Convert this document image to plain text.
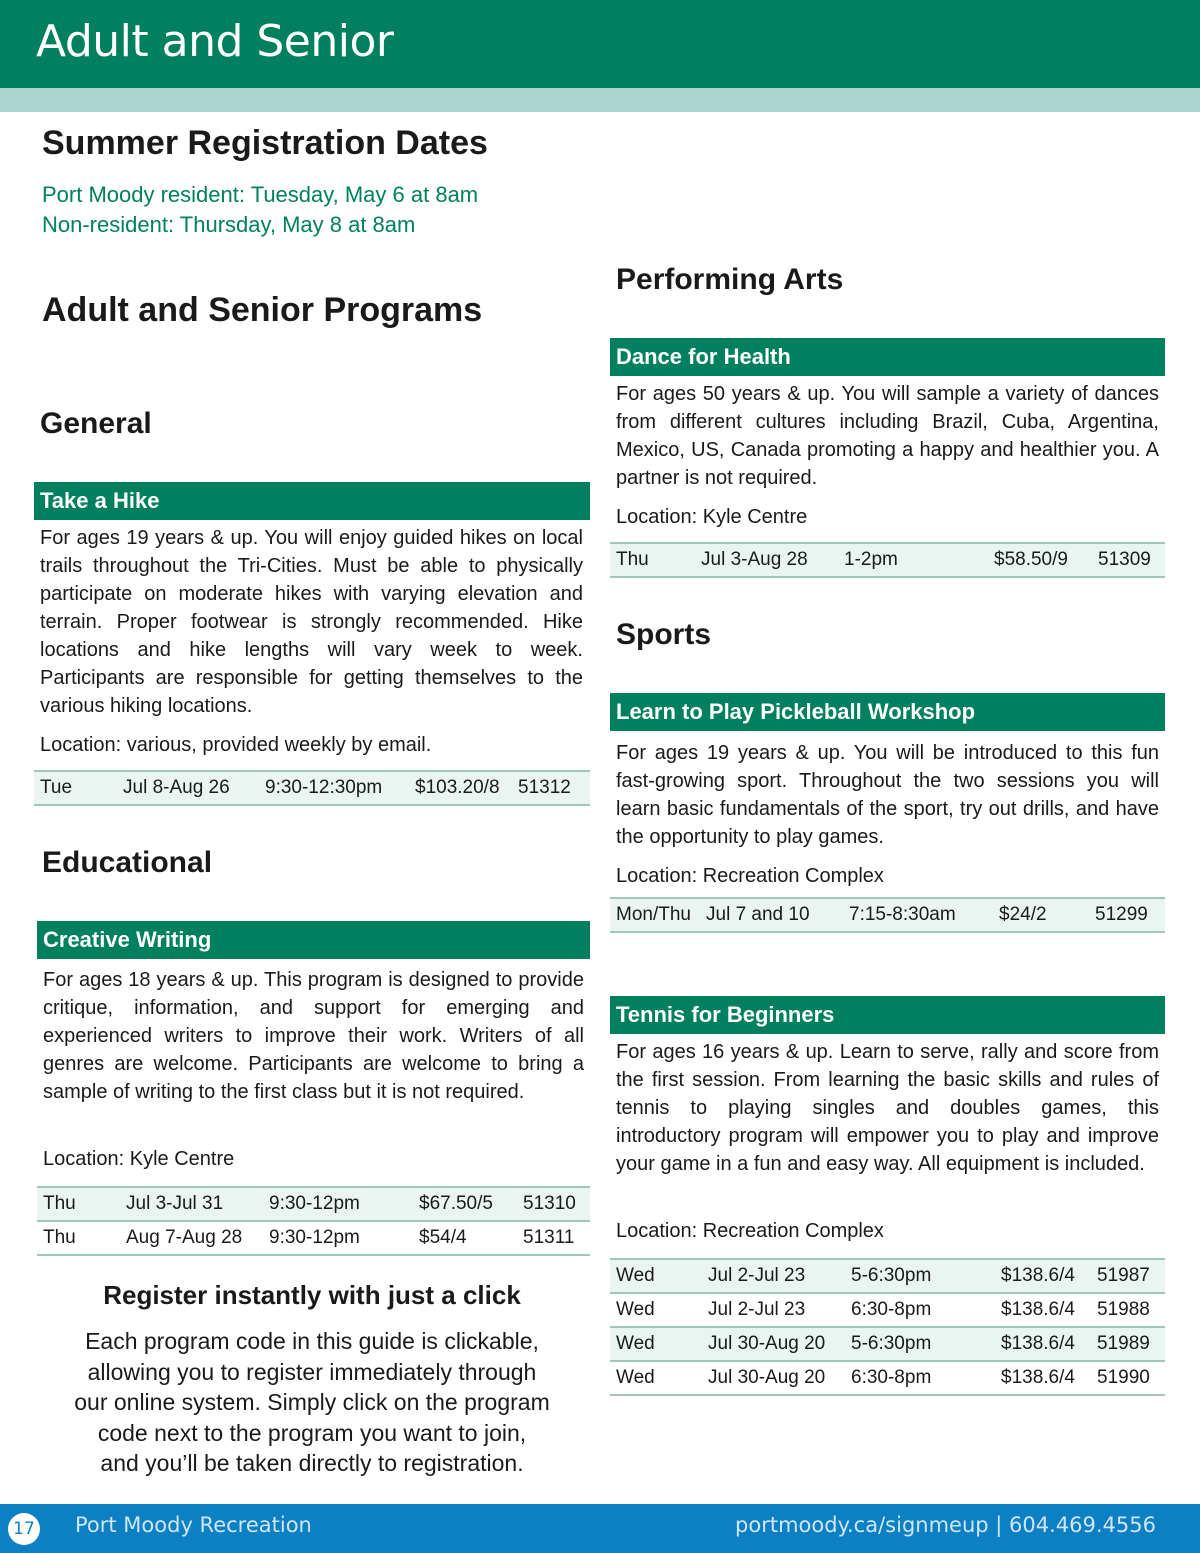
Adult and Senior
Summer Registration Dates
Port Moody resident: Tuesday, May 6 at 8am
Non-resident: Thursday, May 8 at 8am
Adult and Senior Programs
General
Take a Hike
For ages 19 years & up. You will enjoy guided hikes on local trails throughout the Tri-Cities. Must be able to physically participate on moderate hikes with varying elevation and terrain. Proper footwear is strongly recommended. Hike locations and hike lengths will vary week to week. Participants are responsible for getting themselves to the various hiking locations.
Location: various, provided weekly by email.
Tue	Jul 8-Aug 26	9:30-12:30pm	$103.20/8	51312
Educational
Creative Writing
For ages 18 years & up. This program is designed to provide critique, information, and support for emerging and experienced writers to improve their work. Writers of all genres are welcome. Participants are welcome to bring a sample of writing to the first class but it is not required.
Location: Kyle Centre
Thu	Jul 3-Jul 31	9:30-12pm	$67.50/5	51310
Thu	Aug 7-Aug 28	9:30-12pm	$54/4	51311
Register instantly with just a click
Each program code in this guide is clickable,
allowing you to register immediately through
our online system. Simply click on the program
code next to the program you want to join,
and you’ll be taken directly to registration.
Performing Arts
Dance for Health
For ages 50 years & up. You will sample a variety of dances from different cultures including Brazil, Cuba, Argentina, Mexico, US, Canada promoting a happy and healthier you. A partner is not required.
Location: Kyle Centre
Thu	Jul 3-Aug 28	1-2pm	$58.50/9	51309
Sports
Learn to Play Pickleball Workshop
For ages 19 years & up. You will be introduced to this fun fast-growing sport. Throughout the two sessions you will learn basic fundamentals of the sport, try out drills, and have the opportunity to play games.
Location: Recreation Complex
Mon/Thu	Jul 7 and 10	7:15-8:30am	$24/2	51299
Tennis for Beginners
For ages 16 years & up. Learn to serve, rally and score from the first session. From learning the basic skills and rules of tennis to playing singles and doubles games, this introductory program will empower you to play and improve your game in a fun and easy way. All equipment is included.
Location: Recreation Complex
Wed	Jul 2-Jul 23	5-6:30pm	$138.6/4	51987
Wed	Jul 2-Jul 23	6:30-8pm	$138.6/4	51988
Wed	Jul 30-Aug 20	5-6:30pm	$138.6/4	51989
Wed	Jul 30-Aug 20	6:30-8pm	$138.6/4	51990
17 Port Moody Recreation	portmoody.ca/signmeup | 604.469.4556
